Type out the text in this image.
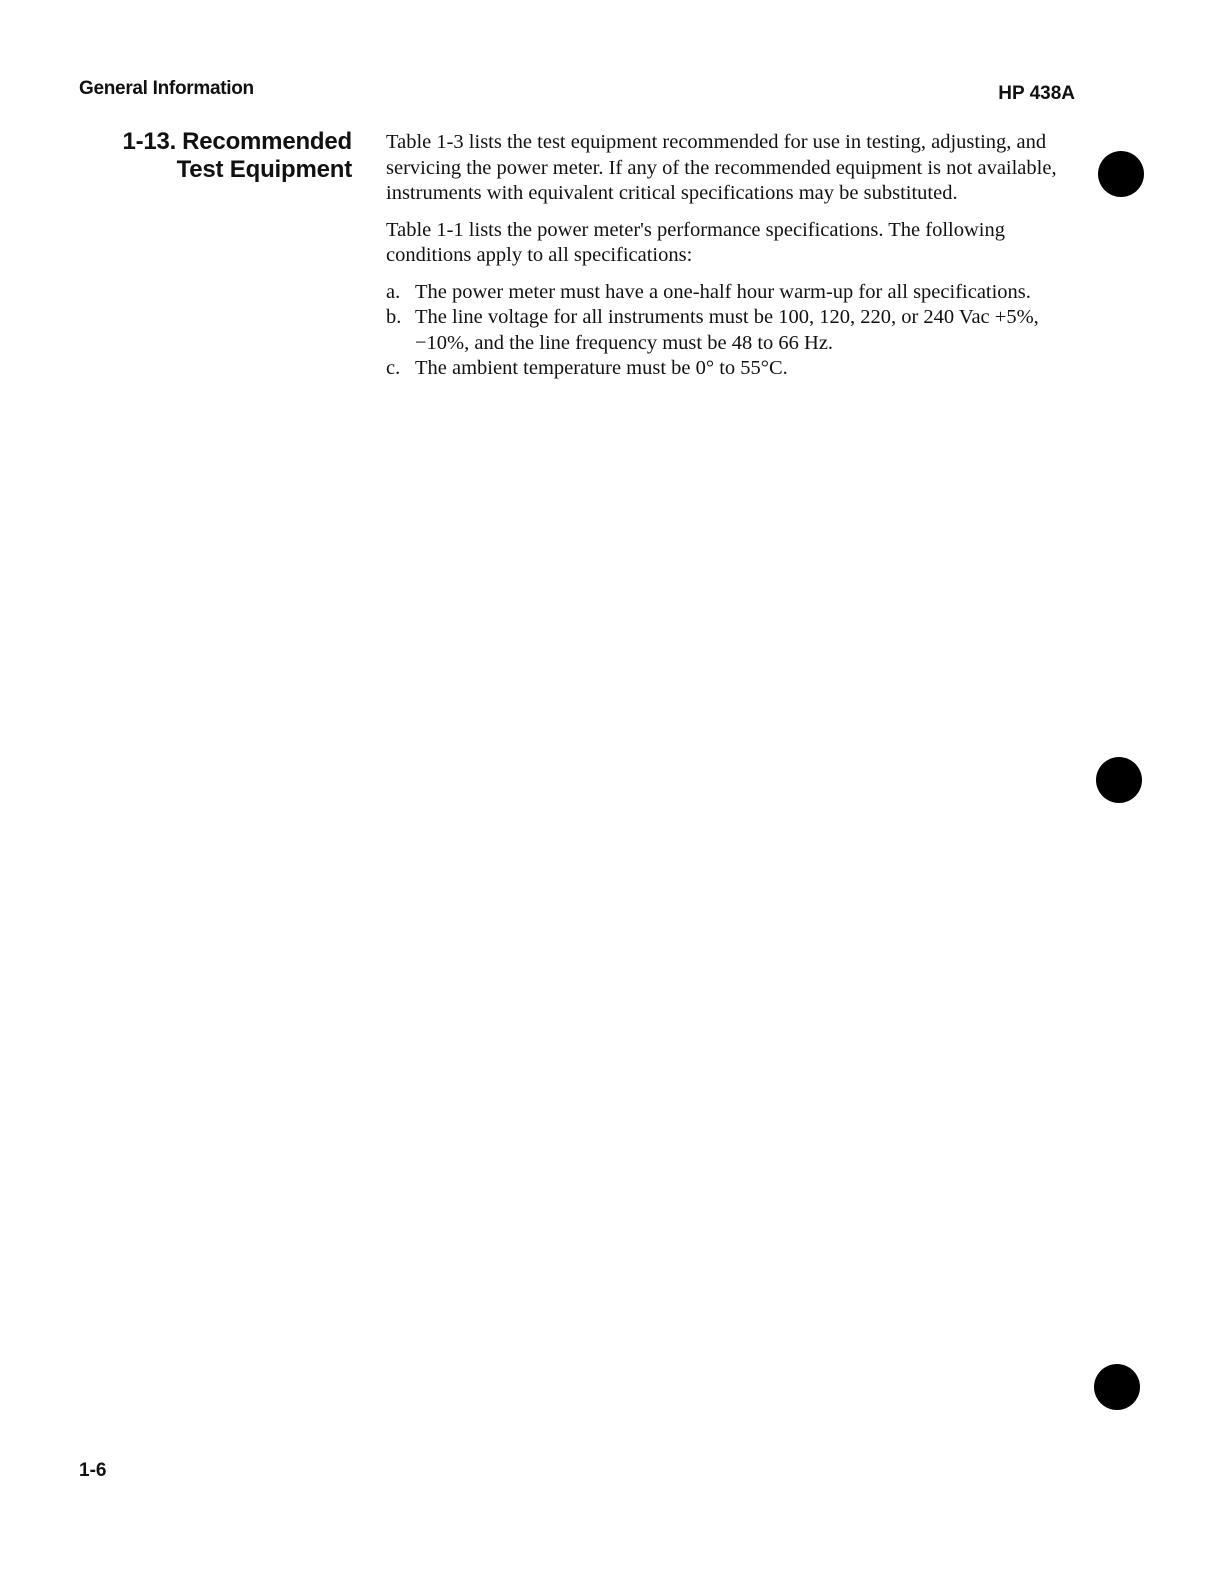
General Information	HP 438A
1-13. Recommended
Test Equipment

Table 1-3 lists the test equipment recommended for use in testing, adjusting, and servicing the power meter. If any of the recommended equipment is not available, instruments with equivalent critical specifications may be substituted.

Table 1-1 lists the power meter's performance specifications. The following conditions apply to all specifications:

a. The power meter must have a one-half hour warm-up for all specifications.
b. The line voltage for all instruments must be 100, 120, 220, or 240 Vac +5%, −10%, and the line frequency must be 48 to 66 Hz.
c. The ambient temperature must be 0° to 55°C.
1-6
